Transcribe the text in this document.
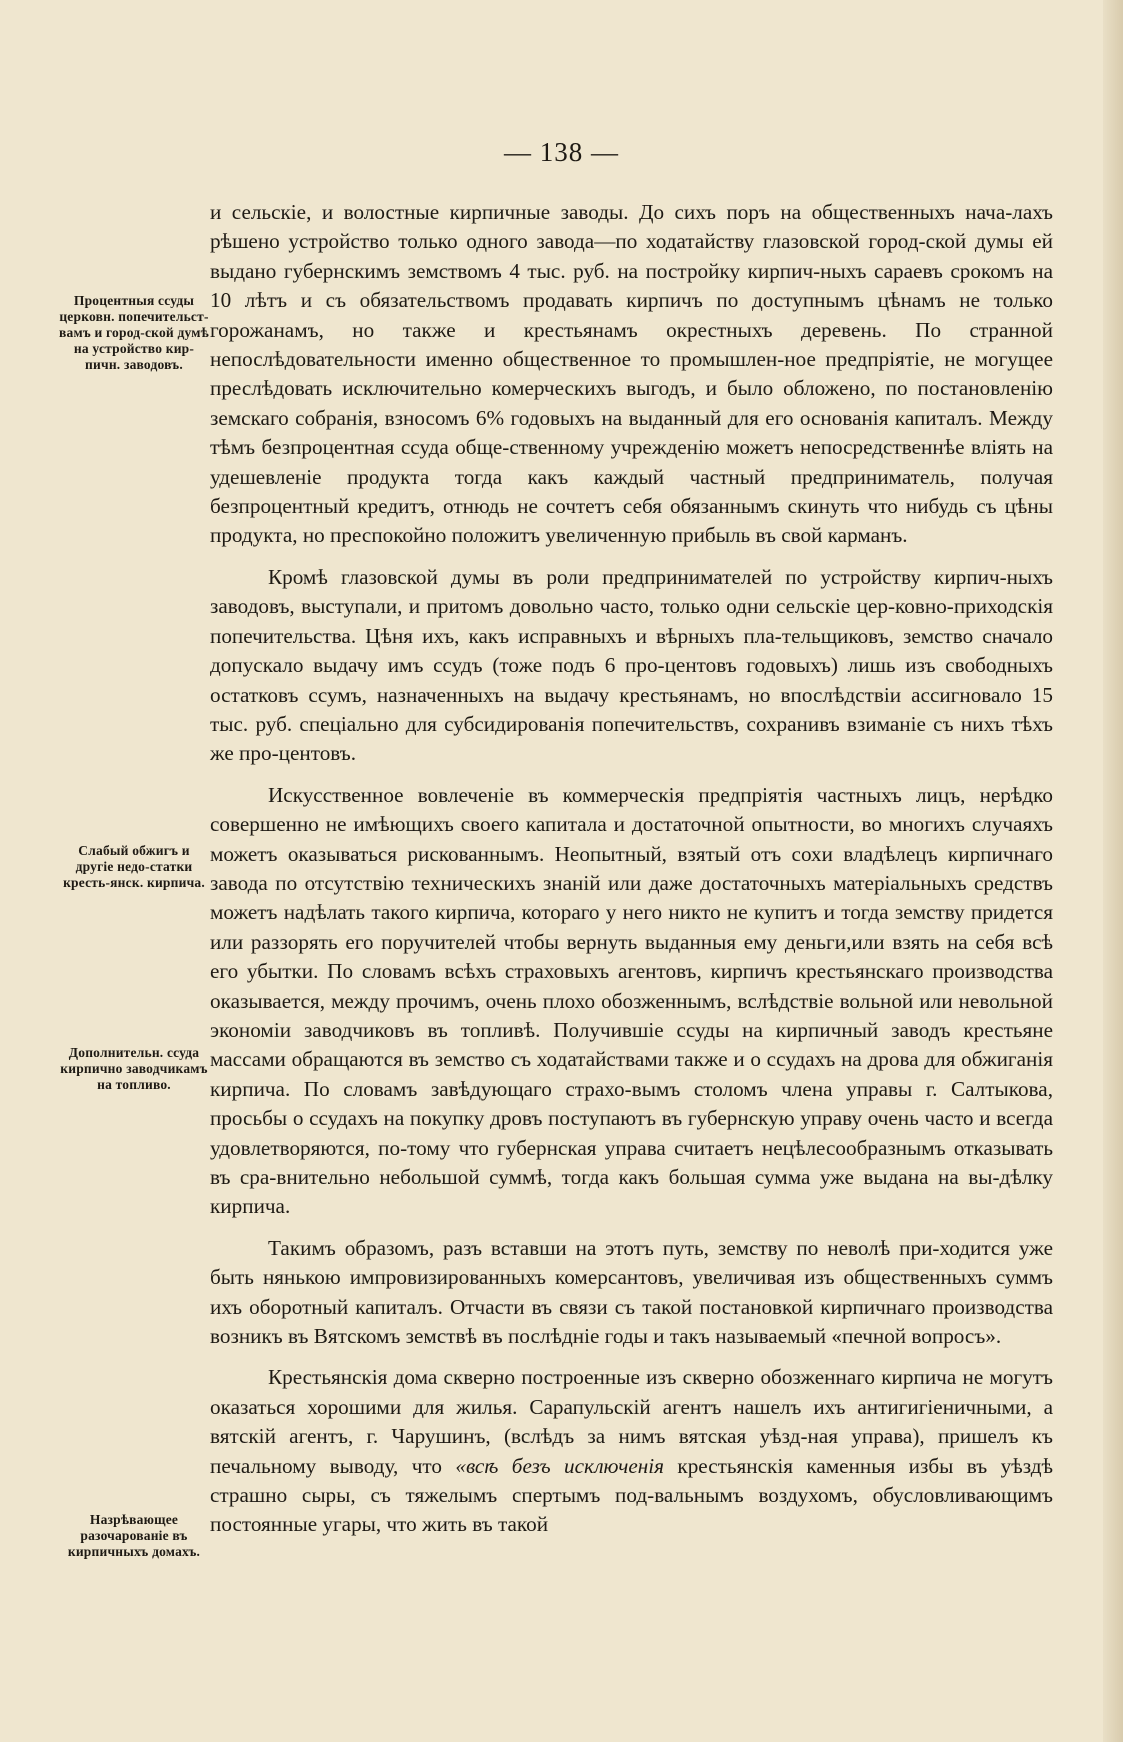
— 138 —
Процентныя ссуды церковн. попечительст-вамъ и город-ской думѣ на устройство кир-пичн. заводовъ.
Слабый обжигъ и другіе недо-статки кресть-янск. кирпича.
Дополнительн. ссуда кирпично заводчикамъ на топливо.
Назрѣвающее разочарованіе въ кирпичныхъ домахъ.

и сельскіе, и волостные кирпичные заводы. До сихъ поръ на общественныхъ нача-лахъ рѣшено устройство только одного завода—по ходатайству глазовской город-ской думы ей выдано губернскимъ земствомъ 4 тыс. руб. на постройку кирпич-ныхъ сараевъ срокомъ на 10 лѣтъ и съ обязательствомъ продавать кирпичъ по доступнымъ цѣнамъ не только горожанамъ, но также и крестьянамъ окрестныхъ деревень. По странной непослѣдовательности именно общественное то промышлен-ное предпріятіе, не могущее преслѣдовать исключительно комерческихъ выгодъ, и было обложено, по постановленію земскаго собранія, взносомъ 6% годовыхъ на выданный для его основанія капиталъ. Между тѣмъ безпроцентная ссуда обще-ственному учрежденію можетъ непосредственнѣе вліять на удешевленіе продукта тогда какъ каждый частный предприниматель, получая безпроцентный кредитъ, отнюдь не сочтетъ себя обязаннымъ скинуть что нибудь съ цѣны продукта, но преспокойно положитъ увеличенную прибыль въ свой карманъ.

Кромѣ глазовской думы въ роли предпринимателей по устройству кирпич-ныхъ заводовъ, выступали, и притомъ довольно часто, только одни сельскіе цер-ковно-приходскія попечительства. Цѣня ихъ, какъ исправныхъ и вѣрныхъ пла-тельщиковъ, земство сначало допускало выдачу имъ ссудъ (тоже подъ 6 про-центовъ годовыхъ) лишь изъ свободныхъ остатковъ ссумъ, назначенныхъ на выдачу крестьянамъ, но впослѣдствіи ассигновало 15 тыс. руб. спеціально для субсидированія попечительствъ, сохранивъ взиманіе съ нихъ тѣхъ же про-центовъ.

Искусственное вовлеченіе въ коммерческія предпріятія частныхъ лицъ, нерѣдко совершенно не имѣющихъ своего капитала и достаточной опытности, во многихъ случаяхъ можетъ оказываться рискованнымъ. Неопытный, взятый отъ сохи владѣлецъ кирпичнаго завода по отсутствію техническихъ знаній или даже достаточныхъ матеріальныхъ средствъ можетъ надѣлать такого кирпича, котораго у него никто не купитъ и тогда земству придется или раззорять его поручителей чтобы вернуть выданныя ему деньги,или взять на себя всѣ его убытки. По словамъ всѣхъ страховыхъ агентовъ, кирпичъ крестьянскаго производства оказывается, между прочимъ, очень плохо обозженнымъ, вслѣдствіе вольной или невольной экономіи заводчиковъ въ топливѣ. Получившіе ссуды на кирпичный заводъ крестьяне массами обращаются въ земство съ ходатайствами также и о ссудахъ на дрова для обжиганія кирпича. По словамъ завѣдующаго страхо-вымъ столомъ члена управы г. Салтыкова, просьбы о ссудахъ на покупку дровъ поступаютъ въ губернскую управу очень часто и всегда удовлетворяются, по-тому что губернская управа считаетъ нецѣлесообразнымъ отказывать въ сра-внительно небольшой суммѣ, тогда какъ большая сумма уже выдана на вы-дѣлку кирпича.

Такимъ образомъ, разъ вставши на этотъ путь, земству по неволѣ при-ходится уже быть нянькою импровизированныхъ комерсантовъ, увеличивая изъ общественныхъ суммъ ихъ оборотный капиталъ. Отчасти въ связи съ такой постановкой кирпичнаго производства возникъ въ Вятскомъ земствѣ въ послѣдніе годы и такъ называемый «печной вопросъ».

Крестьянскія дома скверно построенные изъ скверно обозженнаго кирпича не могутъ оказаться хорошими для жилья. Сарапульскій агентъ нашелъ ихъ антигигіеничными, а вятскій агентъ, г. Чарушинъ, (вслѣдъ за нимъ вятская уѣзд-ная управа), пришелъ къ печальному выводу, что «всѣ безъ исключенія крестьянскія каменныя избы въ уѣздѣ страшно сыры, съ тяжелымъ спертымъ под-вальнымъ воздухомъ, обусловливающимъ постоянные угары, что жить въ такой
